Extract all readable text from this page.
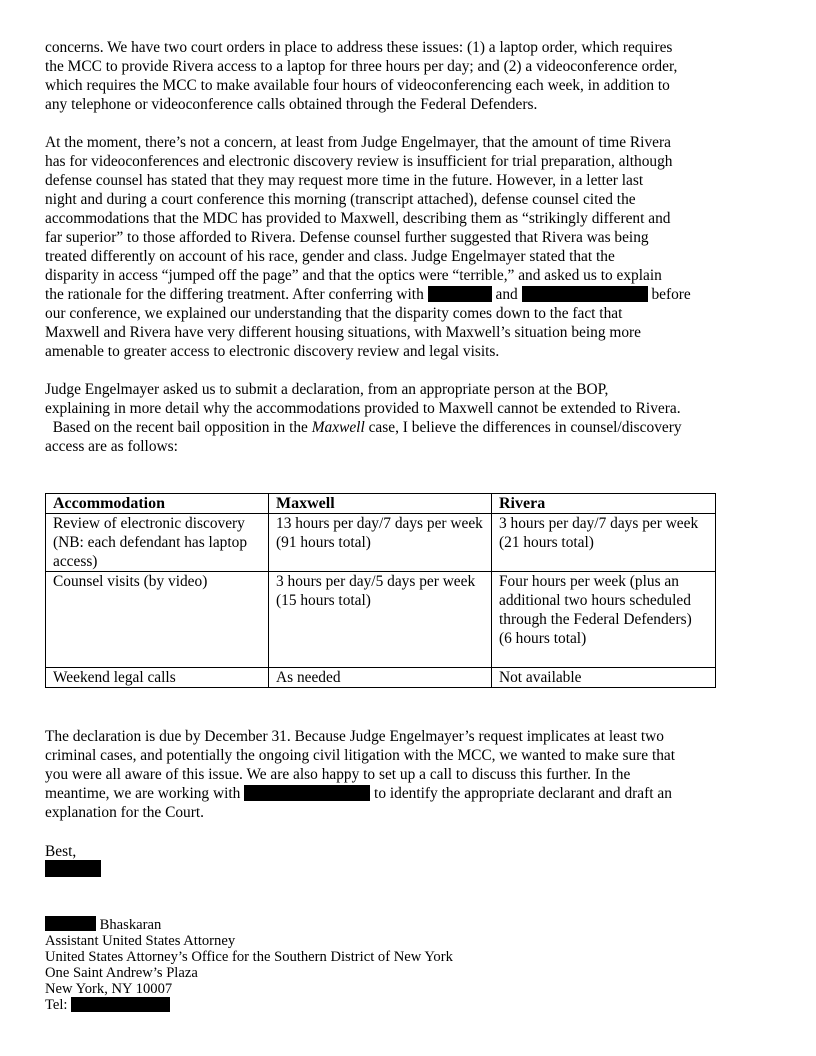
concerns. We have two court orders in place to address these issues: (1) a laptop order, which requires

the MCC to provide Rivera access to a laptop for three hours per day; and (2) a videoconference order,

which requires the MCC to make available four hours of videoconferencing each week, in addition to

any telephone or videoconference calls obtained through the Federal Defenders.

At the moment, there’s not a concern, at least from Judge Engelmayer, that the amount of time Rivera

has for videoconferences and electronic discovery review is insufficient for trial preparation, although

defense counsel has stated that they may request more time in the future. However, in a letter last

night and during a court conference this morning (transcript attached), defense counsel cited the

accommodations that the MDC has provided to Maxwell, describing them as “strikingly different and

far superior” to those afforded to Rivera. Defense counsel further suggested that Rivera was being

treated differently on account of his race, gender and class. Judge Engelmayer stated that the

disparity in access “jumped off the page” and that the optics were “terrible,” and asked us to explain

the rationale for the differing treatment. After conferring with	and	before

our conference, we explained our understanding that the disparity comes down to the fact that

Maxwell and Rivera have very different housing situations, with Maxwell’s situation being more

amenable to greater access to electronic discovery review and legal visits.

Judge Engelmayer asked us to submit a declaration, from an appropriate person at the BOP,

explaining in more detail why the accommodations provided to Maxwell cannot be extended to Rivera.

Based on the recent bail opposition in the Maxwell case, I believe the differences in counsel/discovery

access are as follows:

Accommodation	Maxwell	Rivera
Review of electronic discovery (NB: each defendant has laptop access)	13 hours per day/7 days per week (91 hours total)	3 hours per day/7 days per week (21 hours total)
Counsel visits (by video)	3 hours per day/5 days per week (15 hours total)	Four hours per week (plus an additional two hours scheduled through the Federal Defenders) (6 hours total)
Weekend legal calls	As needed	Not available

The declaration is due by December 31. Because Judge Engelmayer’s request implicates at least two

criminal cases, and potentially the ongoing civil litigation with the MCC, we wanted to make sure that

you were all aware of this issue. We are also happy to set up a call to discuss this further. In the

meantime, we are working with	to identify the appropriate declarant and draft an

explanation for the Court.

Best,

Bhaskaran
Assistant United States Attorney
United States Attorney’s Office for the Southern District of New York
One Saint Andrew’s Plaza
New York, NY 10007
Tel:
